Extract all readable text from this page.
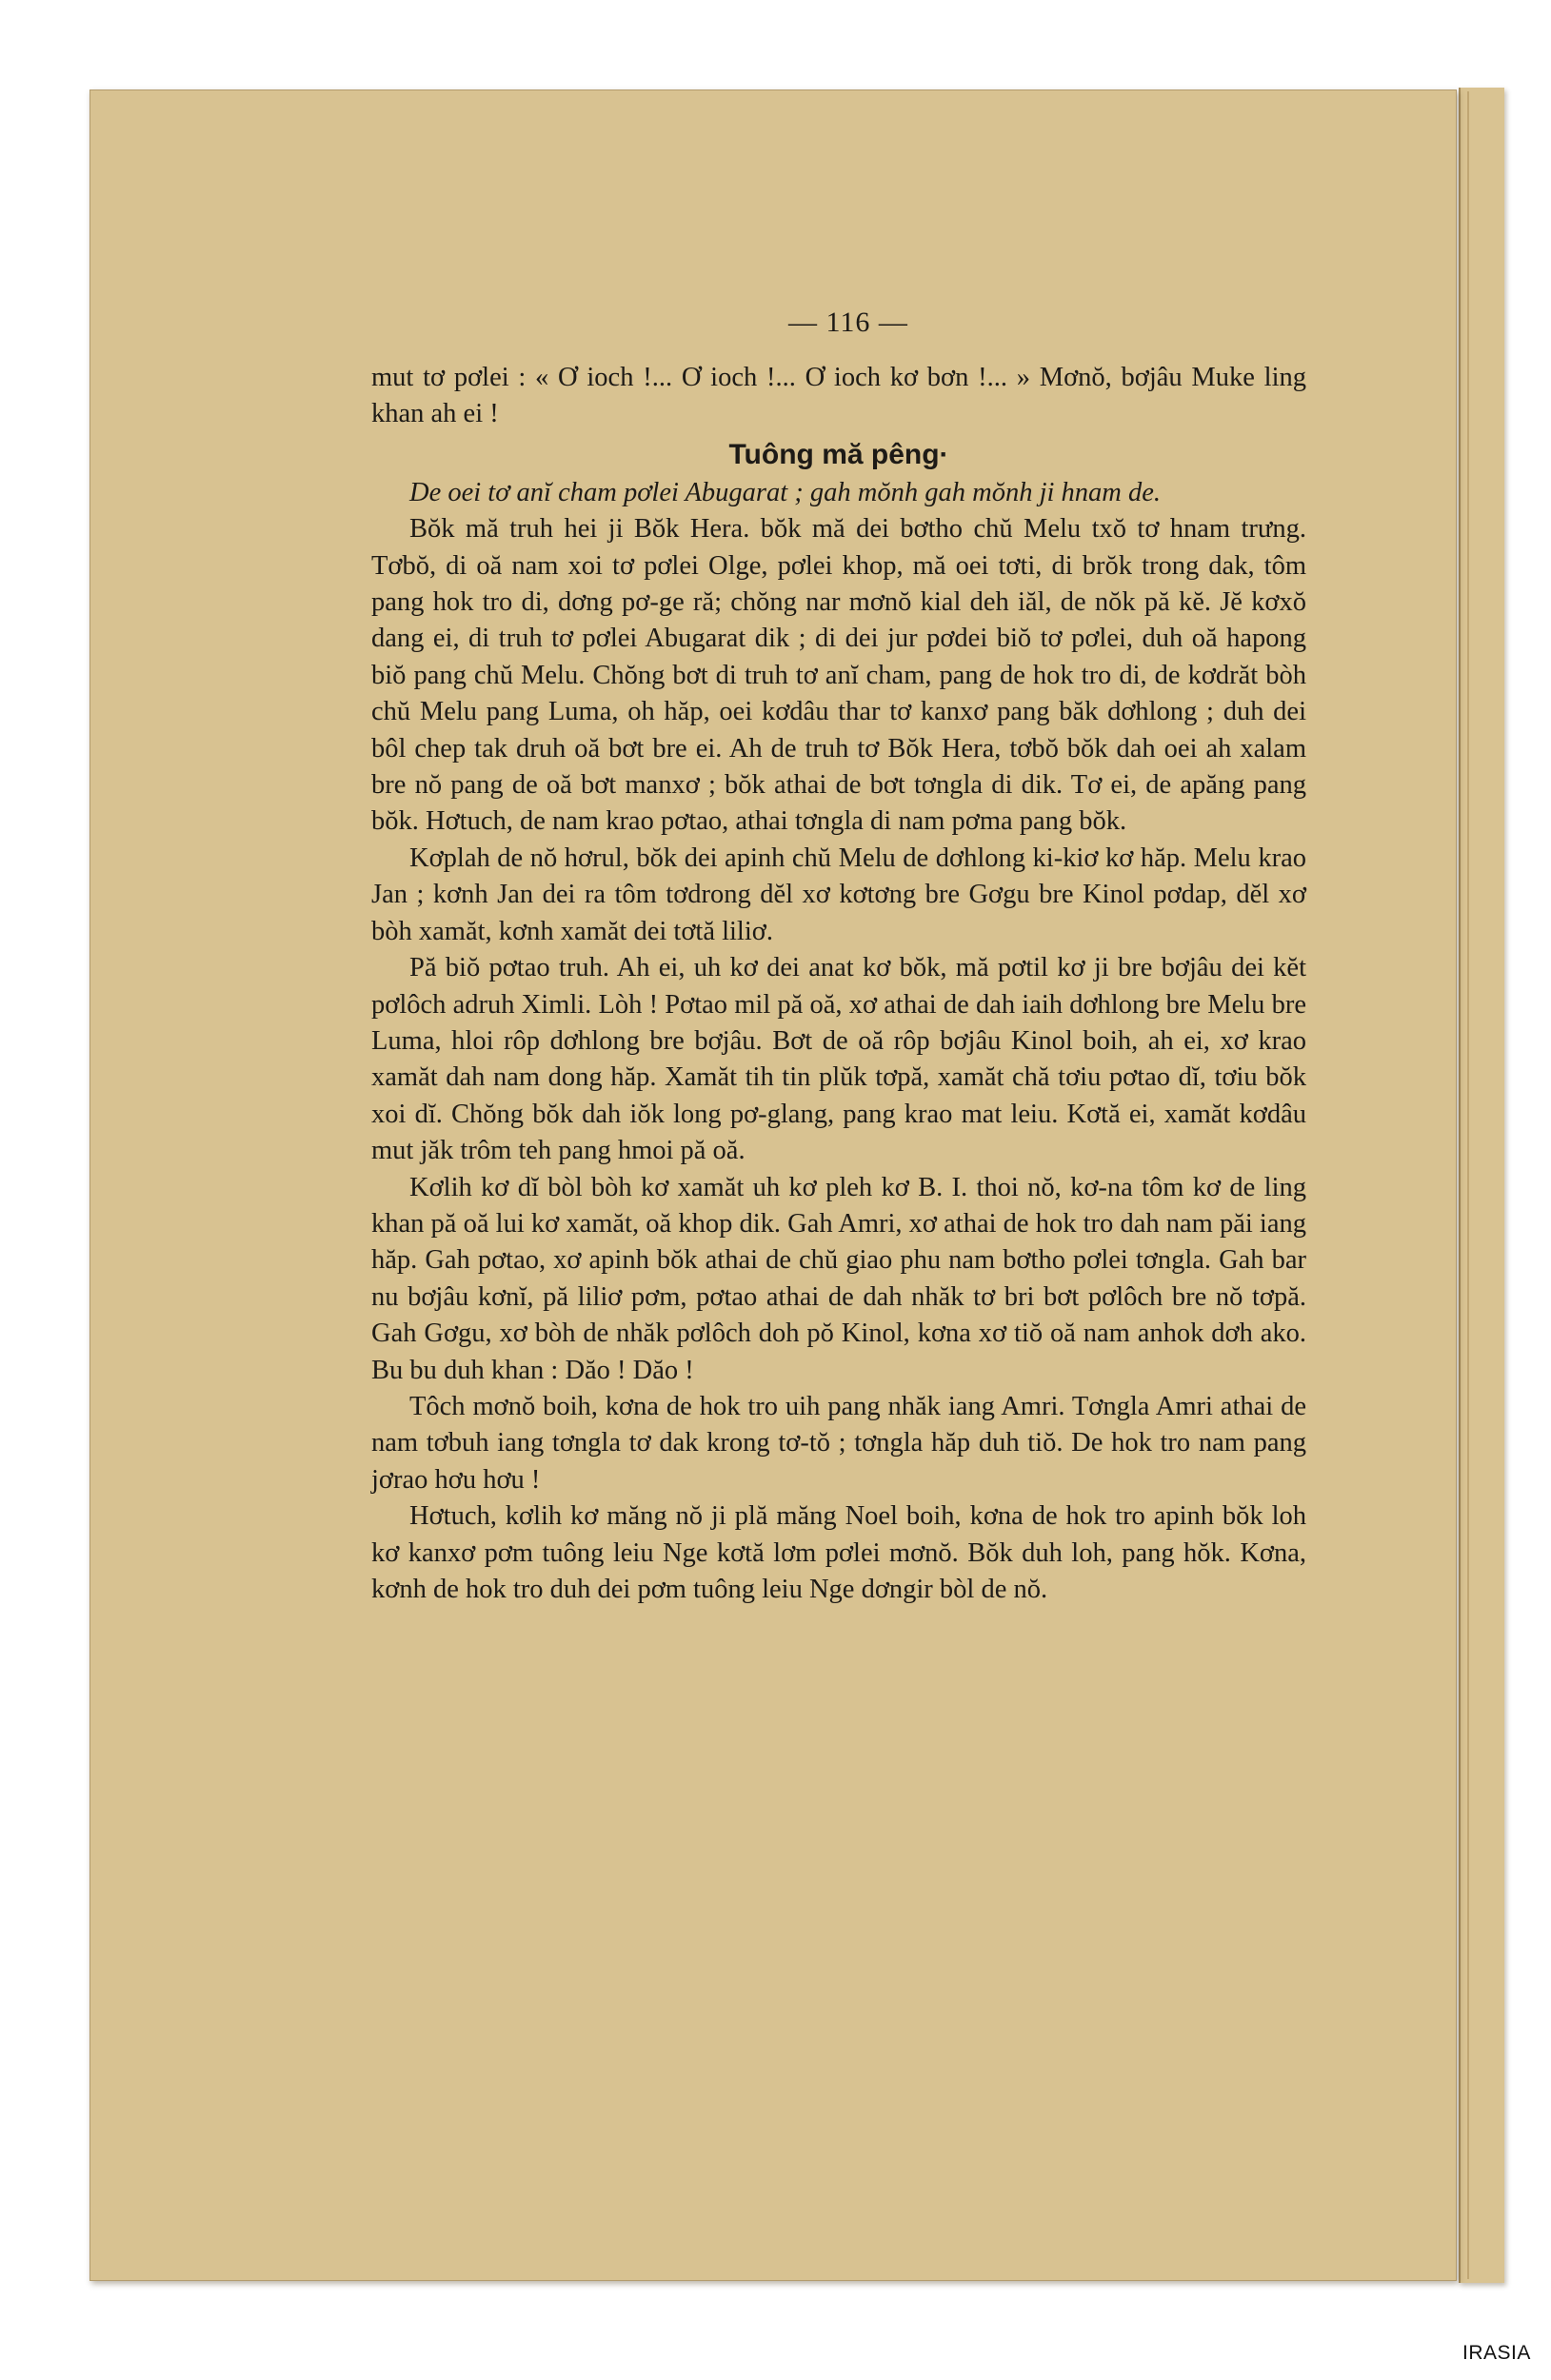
— 116 —

mut tơ pơlei : « Ơ ioch !... Ơ ioch !... Ơ ioch kơ bơn !... » Mơnŏ, bơjâu Muke ling khan ah ei !

Tuông mă pêng·

De oei tơ anĭ cham pơlei Abugarat ; gah mŏnh gah mŏnh ji hnam de.

Bŏk mă truh hei ji Bŏk Hera. bŏk mă dei bơtho chŭ Melu txŏ tơ hnam trưng. Tơbŏ, di oă nam xoi tơ pơlei Olge, pơlei khop, mă oei tơti, di brŏk trong dak, tôm pang hok tro di, dơng pơ-ge ră; chŏng nar mơnŏ kial deh iăl, de nŏk pă kĕ. Jĕ kơxŏ dang ei, di truh tơ pơlei Abugarat dik ; di dei jur pơdei biŏ tơ pơlei, duh oă hapong biŏ pang chŭ Melu. Chŏng bơt di truh tơ anĭ cham, pang de hok tro di, de kơdrăt bòh chŭ Melu pang Luma, oh hăp, oei kơdâu thar tơ kanxơ pang băk dơhlong ; duh dei bôl chep tak druh oă bơt bre ei. Ah de truh tơ Bŏk Hera, tơbŏ bŏk dah oei ah xalam bre nŏ pang de oă bơt manxơ ; bŏk athai de bơt tơngla di dik. Tơ ei, de apăng pang bŏk. Hơtuch, de nam krao pơtao, athai tơngla di nam pơma pang bŏk.

Kơplah de nŏ hơrul, bŏk dei apinh chŭ Melu de dơhlong ki-kiơ kơ hăp. Melu krao Jan ; kơnh Jan dei ra tôm tơdrong dĕl xơ kơtơng bre Gơgu bre Kinol pơdap, dĕl xơ bòh xamăt, kơnh xamăt dei tơtă liliơ.

Pă biŏ pơtao truh. Ah ei, uh kơ dei anat kơ bŏk, mă pơtil kơ ji bre bơjâu dei kĕt pơlôch adruh Ximli. Lòh ! Pơtao mil pă oă, xơ athai de dah iaih dơhlong bre Melu bre Luma, hloi rôp dơhlong bre bơjâu. Bơt de oă rôp bơjâu Kinol boih, ah ei, xơ krao xamăt dah nam dong hăp. Xamăt tih tin plŭk tơpă, xamăt chă tơiu pơtao dĭ, tơiu bŏk xoi dĭ. Chŏng bŏk dah iŏk long pơ-glang, pang krao mat leiu. Kơtă ei, xamăt kơdâu mut jăk trôm teh pang hmoi pă oă.

Kơlih kơ dĭ bòl bòh kơ xamăt uh kơ pleh kơ B. I. thoi nŏ, kơ-na tôm kơ de ling khan pă oă lui kơ xamăt, oă khop dik. Gah Amri, xơ athai de hok tro dah nam păi iang hăp. Gah pơtao, xơ apinh bŏk athai de chŭ giao phu nam bơtho pơlei tơngla. Gah bar nu bơjâu kơnĭ, pă liliơ pơm, pơtao athai de dah nhăk tơ bri bơt pơlôch bre nŏ tơpă. Gah Gơgu, xơ bòh de nhăk pơlôch doh pŏ Kinol, kơna xơ tiŏ oă nam anhok dơh ako. Bu bu duh khan : Dăo ! Dăo !

Tôch mơnŏ boih, kơna de hok tro uih pang nhăk iang Amri. Tơngla Amri athai de nam tơbuh iang tơngla tơ dak krong tơ-tŏ ; tơngla hăp duh tiŏ. De hok tro nam pang jơrao hơu hơu !

Hơtuch, kơlih kơ măng nŏ ji plă măng Noel boih, kơna de hok tro apinh bŏk loh kơ kanxơ pơm tuông leiu Nge kơtă lơm pơlei mơnŏ. Bŏk duh loh, pang hŏk. Kơna, kơnh de hok tro duh dei pơm tuông leiu Nge dơngir bòl de nŏ.

IRASIA
